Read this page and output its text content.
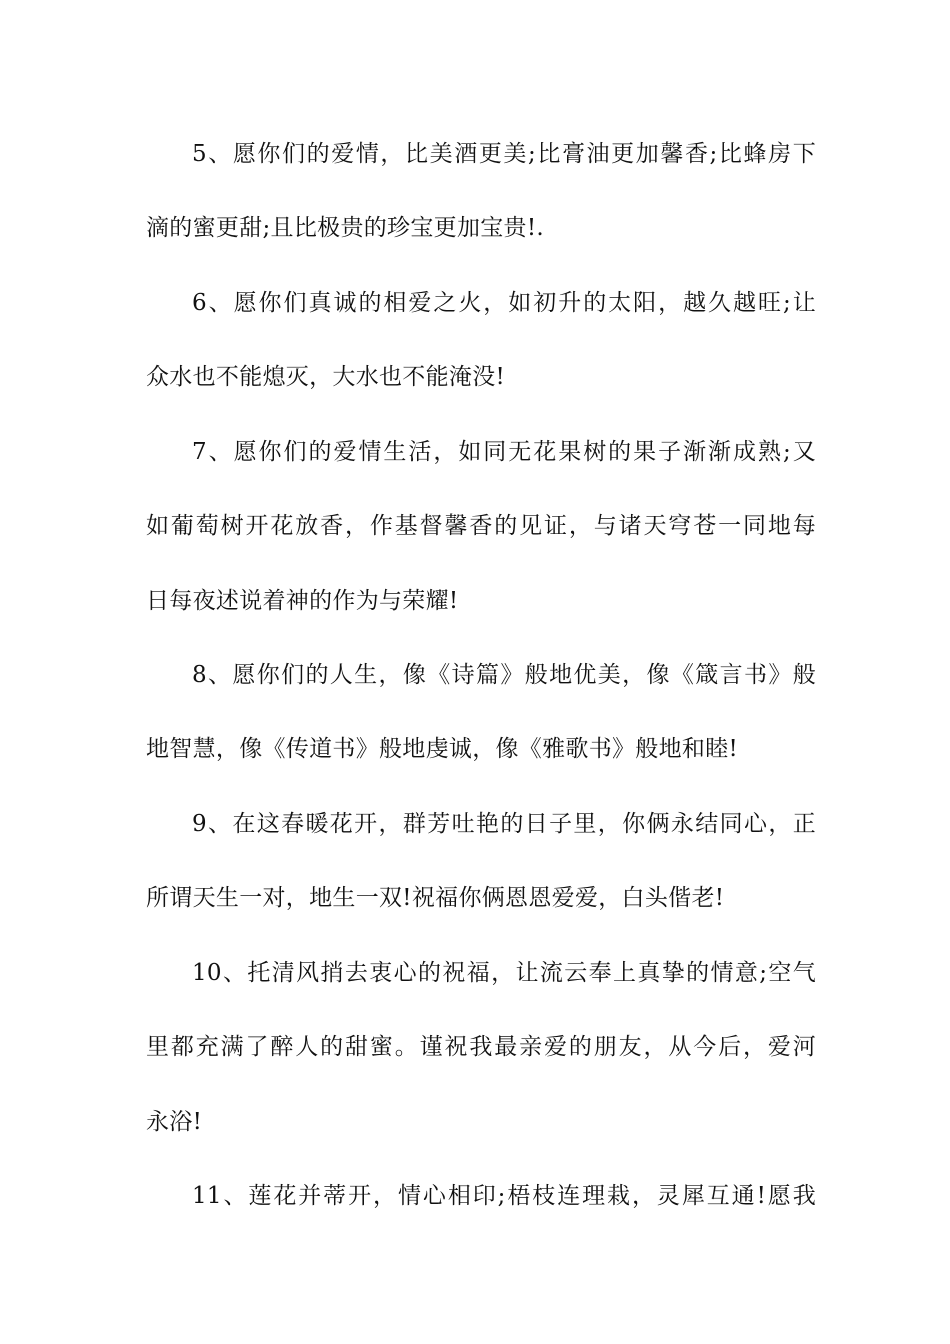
5、愿你们的爱情，比美酒更美;比膏油更加馨香;比蜂房下
滴的蜜更甜;且比极贵的珍宝更加宝贵!.
6、愿你们真诚的相爱之火，如初升的太阳，越久越旺;让
众水也不能熄灭，大水也不能淹没!
7、愿你们的爱情生活，如同无花果树的果子渐渐成熟;又
如葡萄树开花放香，作基督馨香的见证，与诸天穹苍一同地每
日每夜述说着神的作为与荣耀!
8、愿你们的人生，像《诗篇》般地优美，像《箴言书》般
地智慧，像《传道书》般地虔诚，像《雅歌书》般地和睦!
9、在这春暖花开，群芳吐艳的日子里，你俩永结同心，正
所谓天生一对，地生一双!祝福你俩恩恩爱爱，白头偕老!
10、托清风捎去衷心的祝福，让流云奉上真挚的情意;空气
里都充满了醉人的甜蜜。谨祝我最亲爱的朋友，从今后，爱河
永浴!
11、莲花并蒂开，情心相印;梧枝连理栽，灵犀互通!愿我
